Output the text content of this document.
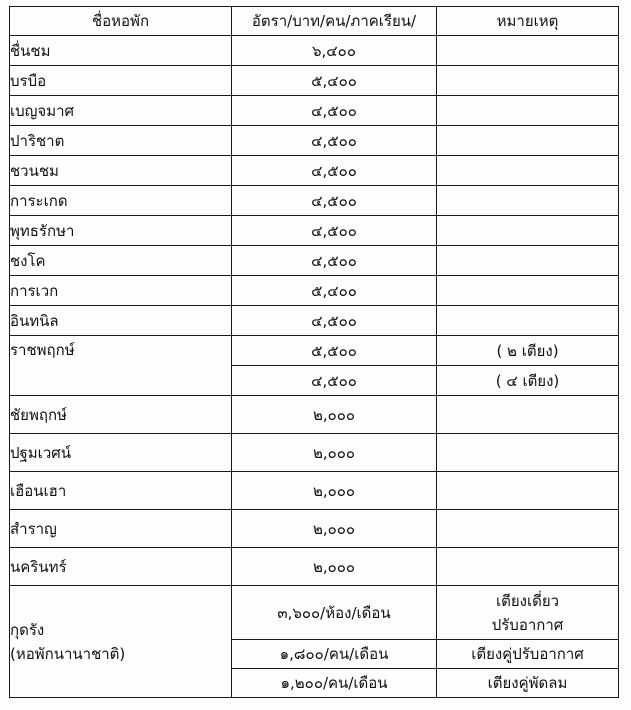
ชื่อหอพัก	อัตรา/บาท/คน/ภาคเรียน/	หมายเหตุ
ชื่นชม	๖,๔๐๐	
บรบือ	๕,๔๐๐	
เบญจมาศ	๔,๕๐๐	
ปาริชาต	๔,๕๐๐	
ชวนชม	๔,๕๐๐	
การะเกด	๔,๕๐๐	
พุทธรักษา	๔,๕๐๐	
ชงโค	๔,๕๐๐	
การเวก	๕,๔๐๐	
อินทนิล	๔,๕๐๐	
ราชพฤกษ์	๕,๕๐๐	( ๒ เตียง)
	๔,๕๐๐	( ๔ เตียง)
ชัยพฤกษ์	๒,๐๐๐	
ปฐมเวศน์	๒,๐๐๐	
เฮือนเฮา	๒,๐๐๐	
สำราญ	๒,๐๐๐	
นครินทร์	๒,๐๐๐	

กุดรัง
(หอพักนานาชาติ)	๓,๖๐๐/ห้อง/เดือน	เตียงเดี่ยว
ปรับอากาศ

	๑,๘๐๐/คน/เดือน	เตียงคู่ปรับอากาศ
	๑,๒๐๐/คน/เดือน	เตียงคู่พัดลม
